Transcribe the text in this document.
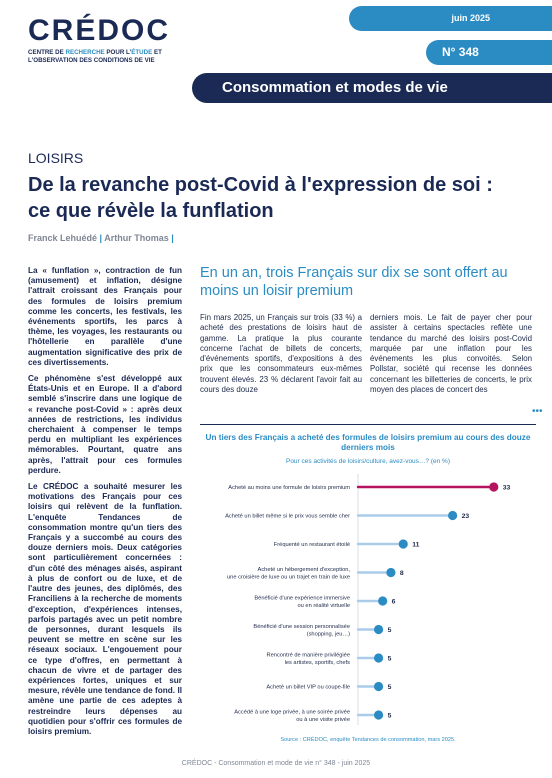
CRÉDOC
CENTRE DE RECHERCHE POUR L'ÉTUDE ET
L'OBSERVATION DES CONDITIONS DE VIE
juin 2025
N° 348
Consommation et modes de vie
LOISIRS
De la revanche post-Covid à l'expression de soi : ce que révèle la funflation
Franck Lehuédé | Arthur Thomas |

La « funflation », contraction de fun (amusement) et inflation, désigne l'attrait croissant des Français pour des formules de loisirs premium comme les concerts, les festivals, les événements sportifs, les parcs à thème, les voyages, les restaurants ou l'hôtellerie en parallèle d'une augmentation significative des prix de ces divertissements.

Ce phénomène s'est développé aux États-Unis et en Europe. Il a d'abord semblé s'inscrire dans une logique de « revanche post-Covid » : après deux années de restrictions, les individus cherchaient à compenser le temps perdu en multipliant les expériences mémorables. Pourtant, quatre ans après, l'attrait pour ces formules perdure.

Le CRÉDOC a souhaité mesurer les motivations des Français pour ces loisirs qui relèvent de la funflation. L'enquête Tendances de consommation montre qu'un tiers des Français y a succombé au cours des douze derniers mois. Deux catégories sont particulièrement concernées : d'un côté des ménages aisés, aspirant à plus de confort ou de luxe, et de l'autre des jeunes, des diplômés, des Franciliens à la recherche de moments d'exception, d'expériences intenses, parfois partagés avec un petit nombre de personnes, durant lesquels ils peuvent se mettre en scène sur les réseaux sociaux. L'engouement pour ce type d'offres, en permettant à chacun de vivre et de partager des expériences fortes, uniques et sur mesure, révèle une tendance de fond. Il amène une partie de ces adeptes à restreindre leurs dépenses au quotidien pour s'offrir ces formules de loisirs premium.

En un an, trois Français sur dix se sont offert au moins un loisir premium
Fin mars 2025, un Français sur trois (33 %) a acheté des prestations de loisirs haut de gamme. La pratique la plus courante concerne l'achat de billets de concerts, d'événements sportifs, d'expositions à des prix que les consommateurs eux-mêmes trouvent élevés. 23 % déclarent l'avoir fait au cours des douze
derniers mois. Le fait de payer cher pour assister à certains spectacles reflète une tendance du marché des loisirs post-Covid marquée par une inflation pour les événements les plus convoités. Selon Pollstar, société qui recense les données concernant les billetteries de concerts, le prix moyen des places de concert des
•••
Un tiers des Français a acheté des formules de loisirs premium au cours des douze derniers mois
Pour ces activités de loisirs/culture, avez-vous…? (en %)
33
Acheté au moins une formule de loisirs premium
23
Acheté un billet même si le prix vous semble cher
11
Fréquenté un restaurant étoilé
8
Acheté un hébergement d'exception,
une croisière de luxe ou un trajet en train de luxe
6
Bénéficié d'une expérience immersive
ou en réalité virtuelle
5
Bénéficié d'une session personnalisée
(shopping, jeu…)
5
Rencontré de manière privilégiée
les artistes, sportifs, chefs
5
Acheté un billet VIP ou coupe-file
5
Accédé à une loge privée, à une soirée privée
ou à une visite privée
Source : CRÉDOC, enquête Tendances de consommation, mars 2025.
CRÉDOC - Consommation et mode de vie n° 348 - juin 2025
